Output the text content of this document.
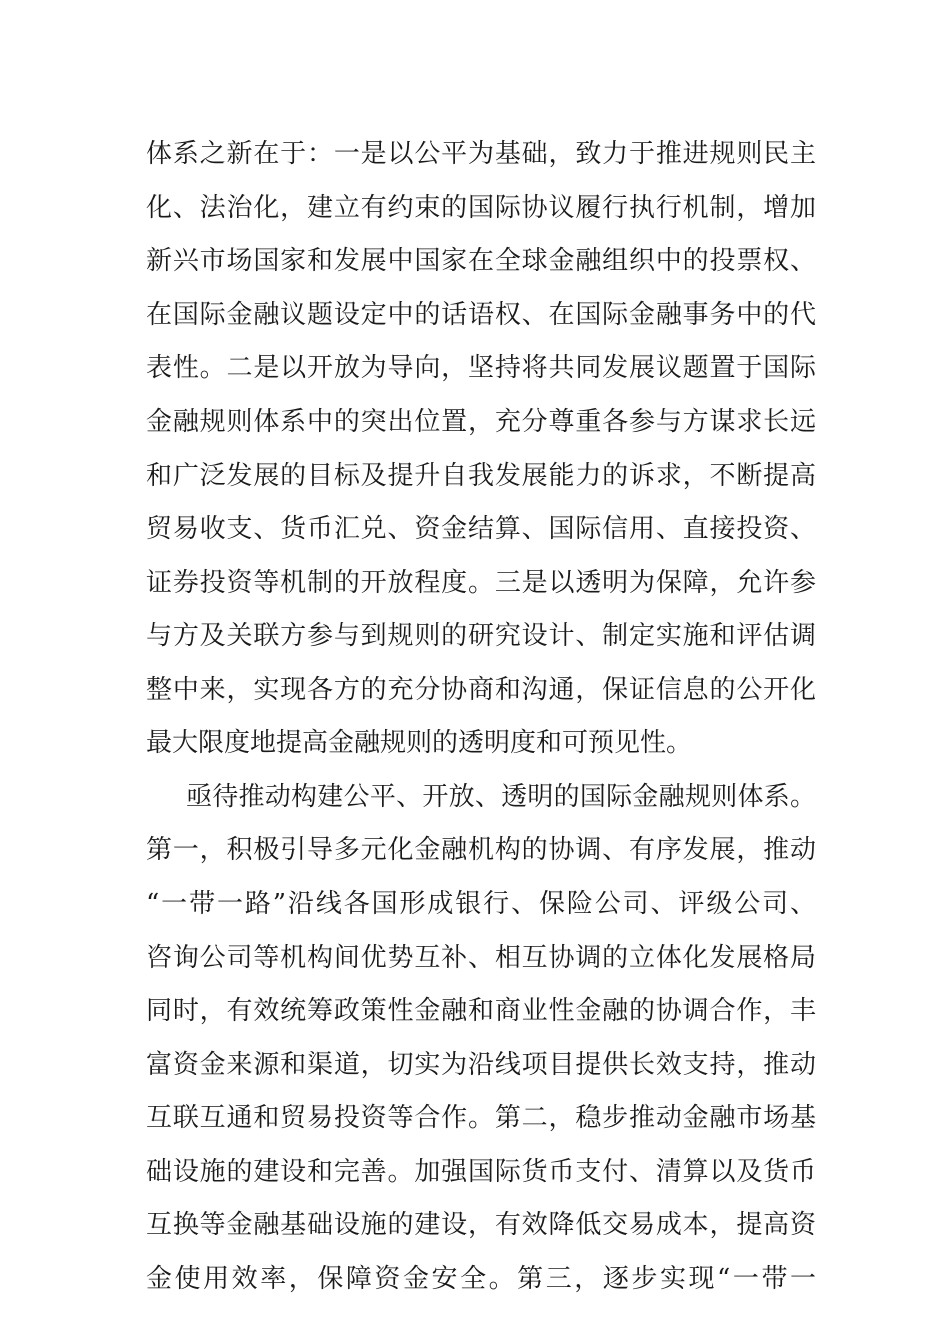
体系之新在于：一是以公平为基础，致力于推进规则民主
化、法治化，建立有约束的国际协议履行执行机制，增加
新兴市场国家和发展中国家在全球金融组织中的投票权、
在国际金融议题设定中的话语权、在国际金融事务中的代
表性。二是以开放为导向，坚持将共同发展议题置于国际
金融规则体系中的突出位置，充分尊重各参与方谋求长远
和广泛发展的目标及提升自我发展能力的诉求，不断提高
贸易收支、货币汇兑、资金结算、国际信用、直接投资、
证券投资等机制的开放程度。三是以透明为保障，允许参
与方及关联方参与到规则的研究设计、制定实施和评估调
整中来，实现各方的充分协商和沟通，保证信息的公开化
最大限度地提高金融规则的透明度和可预见性。
亟待推动构建公平、开放、透明的国际金融规则体系。
第一，积极引导多元化金融机构的协调、有序发展，推动
“一带一路”沿线各国形成银行、保险公司、评级公司、
咨询公司等机构间优势互补、相互协调的立体化发展格局
同时，有效统筹政策性金融和商业性金融的协调合作，丰
富资金来源和渠道，切实为沿线项目提供长效支持，推动
互联互通和贸易投资等合作。第二，稳步推动金融市场基
础设施的建设和完善。加强国际货币支付、清算以及货币
互换等金融基础设施的建设，有效降低交易成本，提高资
金使用效率，保障资金安全。第三，逐步实现“一带一
